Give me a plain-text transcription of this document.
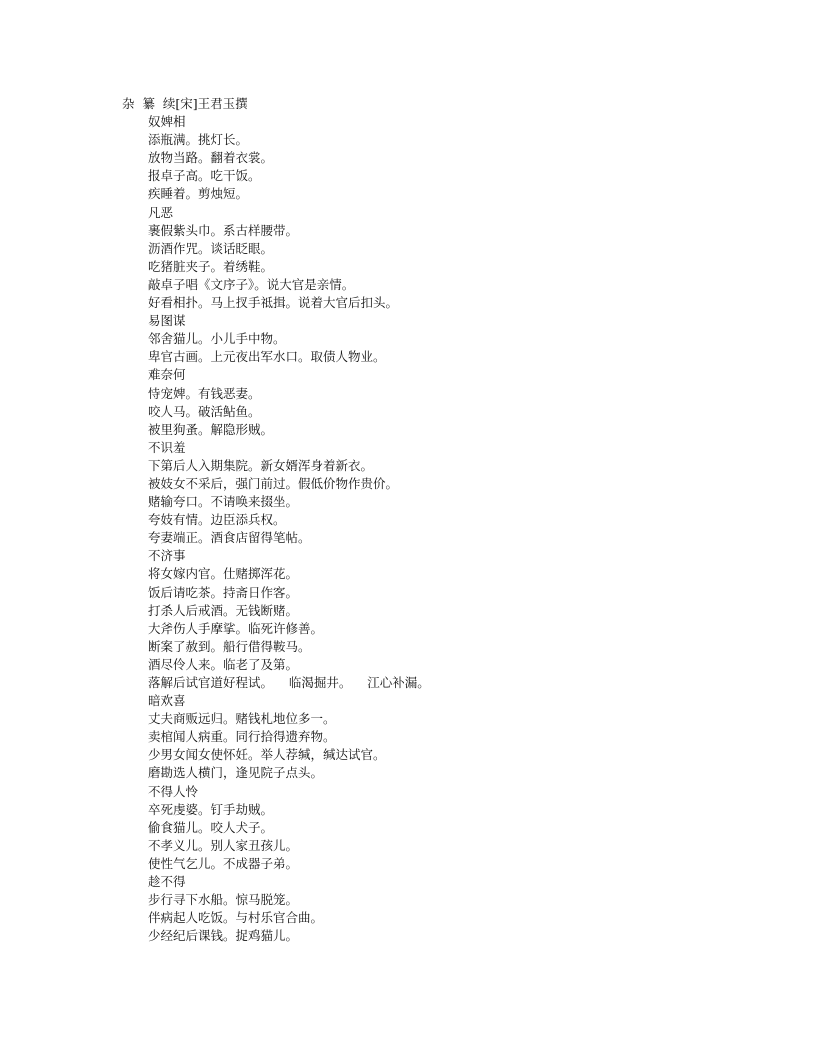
杂  纂  续[宋]王君玉撰

奴婢相

添瓶满。挑灯长。

放物当路。翻着衣裳。

报卓子高。吃干饭。

疾睡着。剪烛短。

凡恶

裹假紫头巾。系古样腰带。

沥酒作咒。谈话眨眼。

吃猪脏夹子。着绣鞋。

敲卓子唱《文序子》。说大官是亲情。

好看相扑。马上扠手祗揖。说着大官后扣头。

易图谋

邻舍猫儿。小儿手中物。

卑官古画。上元夜出军水口。取债人物业。

难奈何

恃宠婢。有钱恶妻。

咬人马。破活鲇鱼。

被里狗蚤。解隐形贼。

不识羞

下第后人入期集院。新女婿浑身着新衣。

被妓女不采后，强门前过。假低价物作贵价。

赌输夸口。不请唤来掇坐。

夸妓有情。边臣添兵权。

夸妻端正。酒食店留得笔帖。

不济事

将女嫁内官。仕赌掷浑花。

饭后请吃茶。持斋日作客。

打杀人后戒酒。无钱断赌。

大斧伤人手摩挲。临死许修善。

断案了赦到。船行借得鞍马。

酒尽伶人来。临老了及第。

落解后试官道好程试。    临渴掘井。    江心补漏。

暗欢喜

丈夫商贩远归。赌钱札地位多一。

卖棺闻人病重。同行拾得遗弃物。

少男女闻女使怀妊。举人荐缄，缄达试官。

磨勘选人横门，逢见院子点头。

不得人怜

卒死虔婆。钉手劫贼。

偷食猫儿。咬人犬子。

不孝义儿。别人家丑孩儿。

使性气乞儿。不成器子弟。

趁不得

步行寻下水船。惊马脱笼。

伴病起人吃饭。与村乐官合曲。

少经纪后课钱。捉鸡猫儿。
